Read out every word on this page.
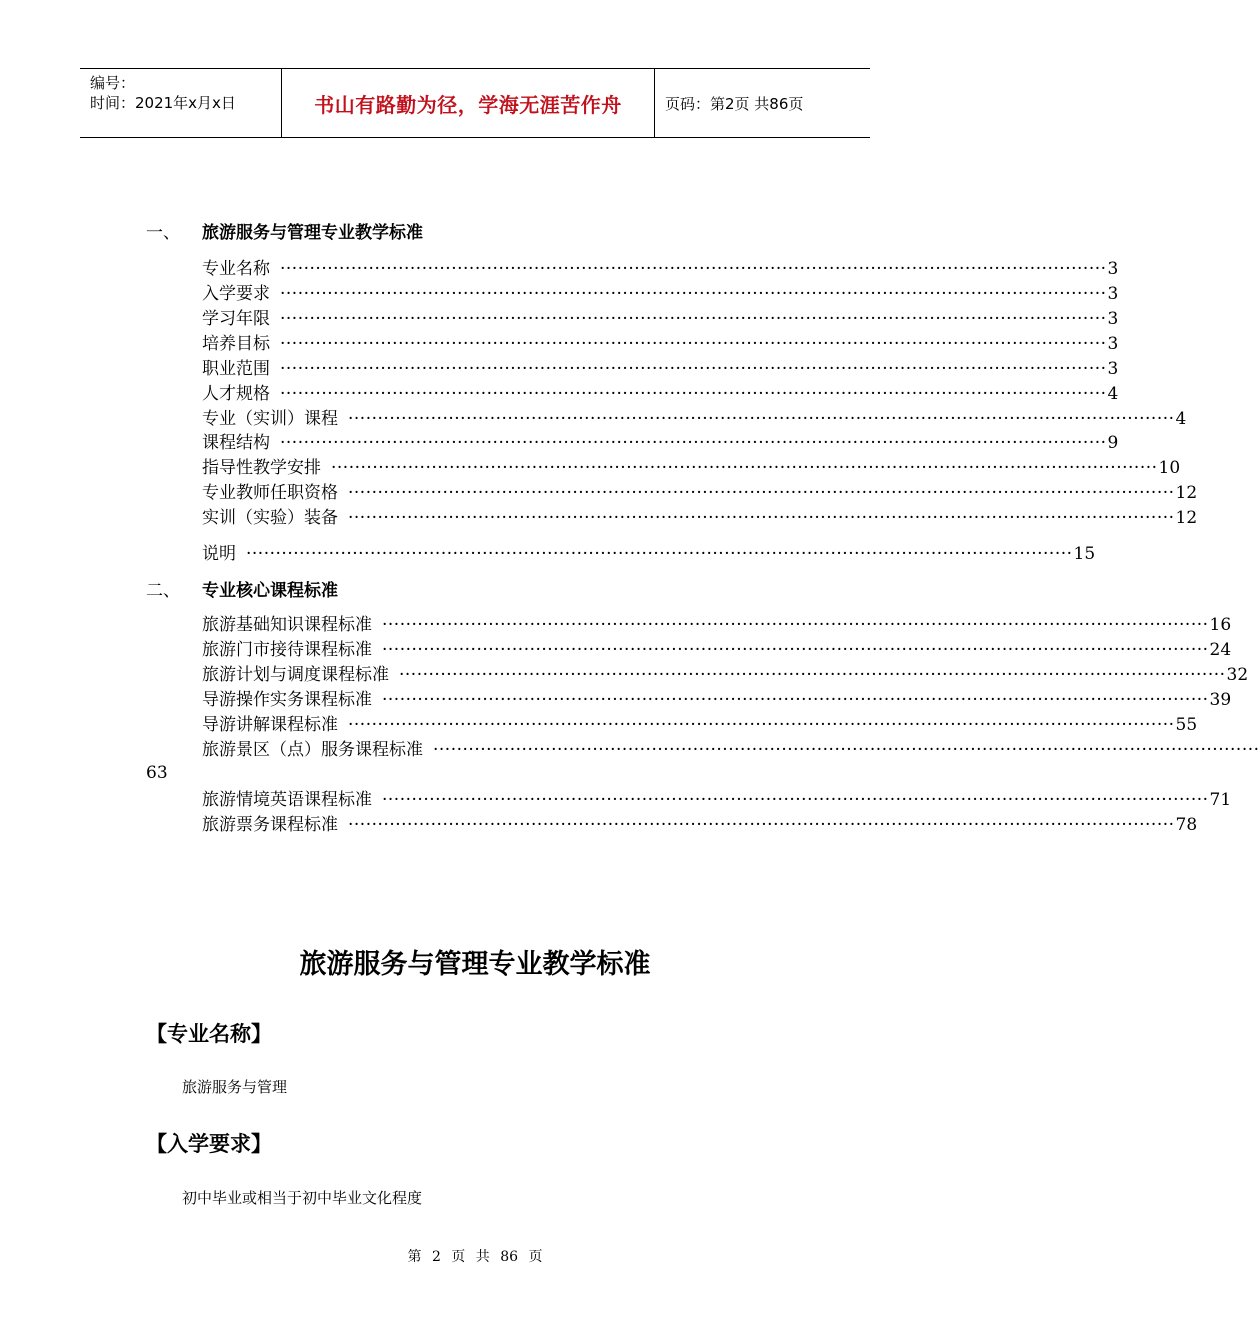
编号：
时间：2021年x月x日	书山有路勤为径，学海无涯苦作舟	页码：第2页 共86页
一、 旅游服务与管理专业教学标准
专业名称 ············································································································································ 3
入学要求 ············································································································································ 3
学习年限 ············································································································································ 3
培养目标 ············································································································································ 3
职业范围 ············································································································································ 3
人才规格 ············································································································································ 4
专业（实训）课程 ············································································································································ 4
课程结构 ············································································································································ 9
指导性教学安排 ············································································································································ 10
专业教师任职资格 ············································································································································ 12
实训（实验）装备 ············································································································································ 12
说明 ············································································································································ 15
二、 专业核心课程标准
旅游基础知识课程标准 ············································································································································ 16
旅游门市接待课程标准 ············································································································································ 24
旅游计划与调度课程标准 ············································································································································ 32
导游操作实务课程标准 ············································································································································ 39
导游讲解课程标准 ············································································································································ 55
旅游景区（点）服务课程标准 ············································································································································
63
旅游情境英语课程标准 ············································································································································ 71
旅游票务课程标准 ············································································································································ 78
旅游服务与管理专业教学标准
【专业名称】
旅游服务与管理
【入学要求】
初中毕业或相当于初中毕业文化程度
第 2 页 共 86 页
